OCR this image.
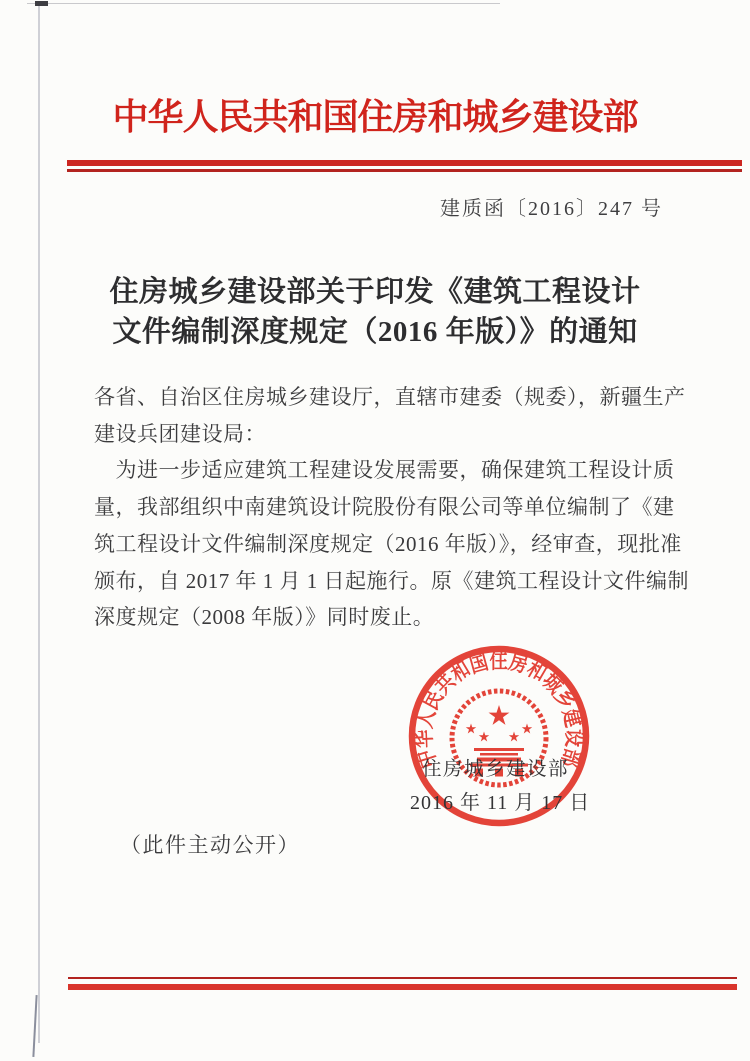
中华人民共和国住房和城乡建设部
建质函〔2016〕247 号
住房城乡建设部关于印发《建筑工程设计
文件编制深度规定（2016 年版）》的通知
各省、自治区住房城乡建设厅，直辖市建委（规委），新疆生产
建设兵团建设局：
　为进一步适应建筑工程建设发展需要，确保建筑工程设计质
量，我部组织中南建筑设计院股份有限公司等单位编制了《建
筑工程设计文件编制深度规定（2016 年版）》，经审查，现批准
颁布，自 2017 年 1 月 1 日起施行。原《建筑工程设计文件编制
深度规定（2008 年版）》同时废止。
中华人民共和国住房和城乡建设部
住房城乡建设部
2016 年 11 月 17 日
（此件主动公开）
